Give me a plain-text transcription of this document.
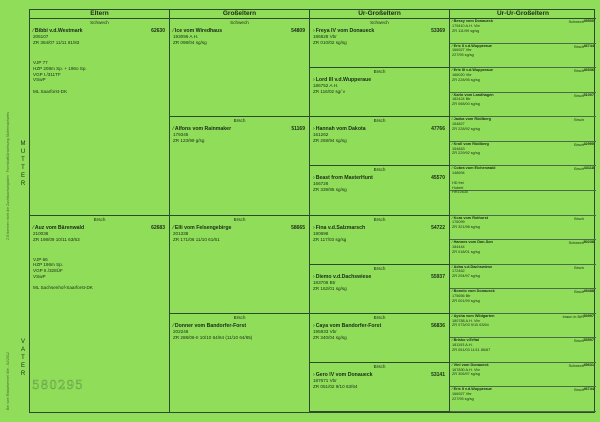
Z.Erkennen nicht die Zuchtbuchangaben · Formblatt/Anweisung Stufennachweis
Bei vom Rassekennel III/e - 02/2012
M
U
T
T
E
R
V
A
T
E
R
Eltern
Schwech
⁄Bibbi v.d.Westmark	62630
205107
ZR 364/07 11/11 81/83
VJP 77
HZP 208m Sp. + 196o Sp.
VGP I./311TF
VSwP

ML Saarforst-DK
Brsch
⁄Auz vom Bärenwald	62683
210036
ZR 198/09 10/11 63/63
VJP 66
HZP 196m Sp.
VGP II./328ÜF
VSwP

ML Sachsenhof-Saarforst-DK
Großeltern
Schwech
⁄Ice vom Wiredhaus	54809
193096 A.H.
ZR 098/04 sg/sg
Brsch
⁄Alfons vom Rainmaker	51169
179345
ZR 123/99 g/sg
Brsch
⁄Elli vom Felsengebirge	58665
201338
ZR 171/06 11/10 61/61
Brsch
⁄Donner vom Bandorfer-Forst
202246
ZR 288/06-II 10/10 64/64 (11/10 64/65)
Ur-Großeltern
Schwech
›Freya IV vom Donaueck	53369
186828 Vbr
ZR 010/02 sg/sg
Brsch
›Lord III v.d.Wupperaue
186752 A.H.
ZR 116/02 sg/ v
Brsch
›Hannah vom Dakota	47766
161262
ZR 268/94 sg/sg
Brsch
›Beast from MasterHunt	45570
166726
ZR 339/95 sg/sg
Brsch
›Fina v.d.Salzmarsch	54722
190696
ZR 117/03 sg/sg
Brsch
›Diemo v.d.Dachswiese	55937
183706 Btr
ZR 162/01 sg/sg
Brsch
›Caya vom Bandorfer-Forst	56836
195933 Vbr
ZR 340/04 sg/sg
Brsch
›Gero IV vom Donaueck	53141
187671 Vbr
ZR 051/02 9/10 63/64
Ur-Ur-Großeltern
Schwech
⁄Bessy vom Donaueck	45500
179410 A.H. Vbr
ZR 111/99 sg/sg
Brsch
⁄Eric II v.d.Wupperaue	46744
166927 Vbr
227/95 sg/sg
Brsch
⁄Erle III v.d.Wupperaue	46536
166020 Vbr
ZR 228/95 sg/sg
Brsch
⁄Karlo vom Landhagen	51007
182424 Btr
ZR 068/00 sg/sg
Brsch
⁄Janka vom Rödlberg
154827
ZR 228/92 sg/sg
Brsch
⁄Kroll vom Rödlberg	42990
154843
ZR 229/92 sg/sg
Brsch
⁄Cobra vom Eichenwald	43118
148694

HD frei
Hubert
HR10630
Brsch
⁄Kora vom Rothorst
176099
ZR 321/98 sg/sg
Schwech
⁄Hannes vom Dan-Son	50238
184444
ZR 018/01 sg/sg
Brsch
⁄Adna v.d.Dachswiese
172462
ZR 294/97 sg/sg
Brsch
⁄Bonnio vom Donaueck	49488
175656 Btr
ZR 001/99 sg/sg
braun in BrR
⁄Aysha vom Wildgarten	54997
180788 A.H. Vbr
ZR 073/03 9/10 63/64
Brsch
⁄Brisko v.Erftal	53597
181193 A.H.
ZR 051/03 11/11 86/87
Schwech
⁄Vini vom Donaueck	49631
167830 A.H. Vbr
ZR 306/97 sg/sg
Brsch
⁄Eric II v.d.Wupperaue	46744
166927 Vbr
227/95 sg/sg
580295
